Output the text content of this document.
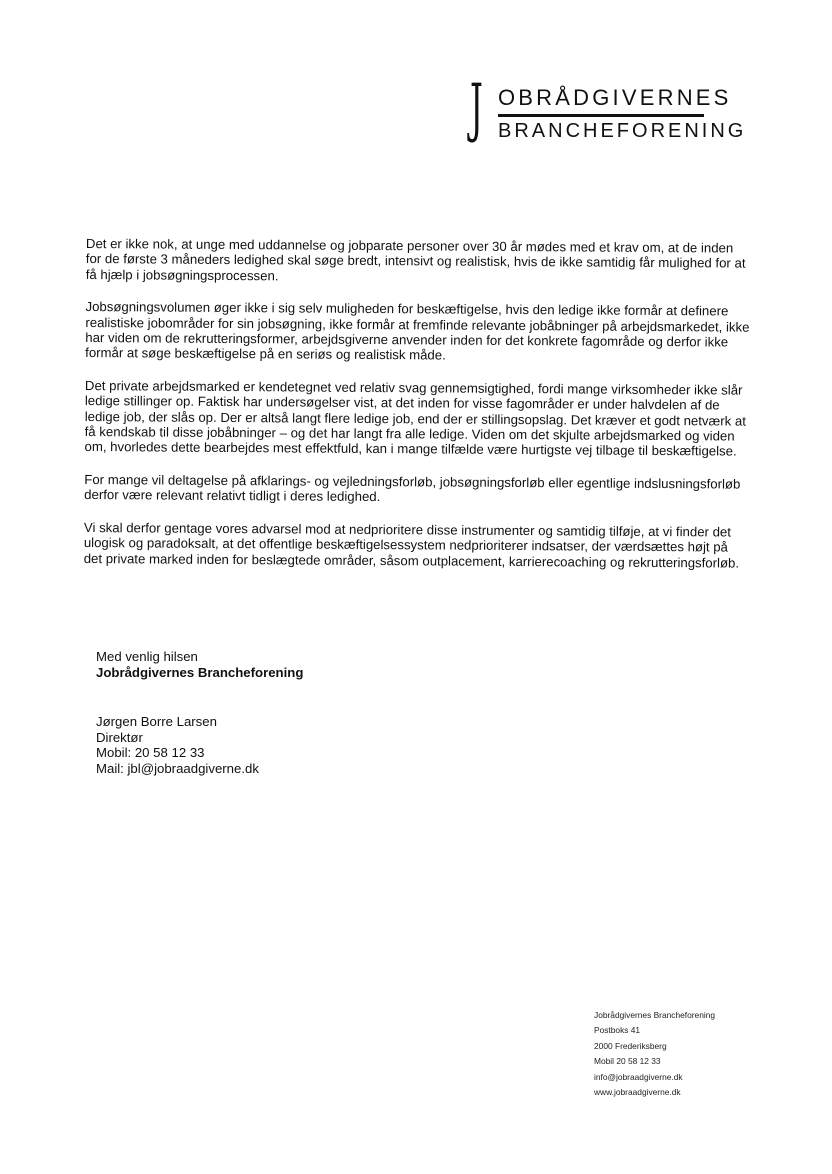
J OBRÅDGIVERNES
BRANCHEFORENING

Det er ikke nok, at unge med uddannelse og jobparate personer over 30 år mødes med et krav om, at de inden for de første 3 måneders ledighed skal søge bredt, intensivt og realistisk, hvis de ikke samtidig får mulighed for at få hjælp i jobsøgningsprocessen.

Jobsøgningsvolumen øger ikke i sig selv muligheden for beskæftigelse, hvis den ledige ikke formår at definere realistiske jobområder for sin jobsøgning, ikke formår at fremfinde relevante jobåbninger på arbejdsmarkedet, ikke har viden om de rekrutteringsformer, arbejdsgiverne anvender inden for det konkrete fagområde og derfor ikke formår at søge beskæftigelse på en seriøs og realistisk måde.

Det private arbejdsmarked er kendetegnet ved relativ svag gennemsigtighed, fordi mange virksomheder ikke slår ledige stillinger op. Faktisk har undersøgelser vist, at det inden for visse fagområder er under halvdelen af de ledige job, der slås op. Der er altså langt flere ledige job, end der er stillingsopslag. Det kræver et godt netværk at få kendskab til disse jobåbninger – og det har langt fra alle ledige. Viden om det skjulte arbejdsmarked og viden om, hvorledes dette bearbejdes mest effektfuld, kan i mange tilfælde være hurtigste vej tilbage til beskæftigelse.

For mange vil deltagelse på afklarings- og vejledningsforløb, jobsøgningsforløb eller egentlige indslusningsforløb derfor være relevant relativt tidligt i deres ledighed.

Vi skal derfor gentage vores advarsel mod at nedprioritere disse instrumenter og samtidig tilføje, at vi finder det ulogisk og paradoksalt, at det offentlige beskæftigelsessystem nedprioriterer indsatser, der værdsættes højt på det private marked inden for beslægtede områder, såsom outplacement, karrierecoaching og rekrutteringsforløb.

Med venlig hilsen
Jobrådgivernes Brancheforening
Jørgen Borre Larsen
Direktør
Mobil: 20 58 12 33
Mail: jbl@jobraadgiverne.dk
Jobrådgivernes Brancheforening
Postboks 41
2000 Frederiksberg
Mobil 20 58 12 33
info@jobraadgiverne.dk
www.jobraadgiverne.dk
